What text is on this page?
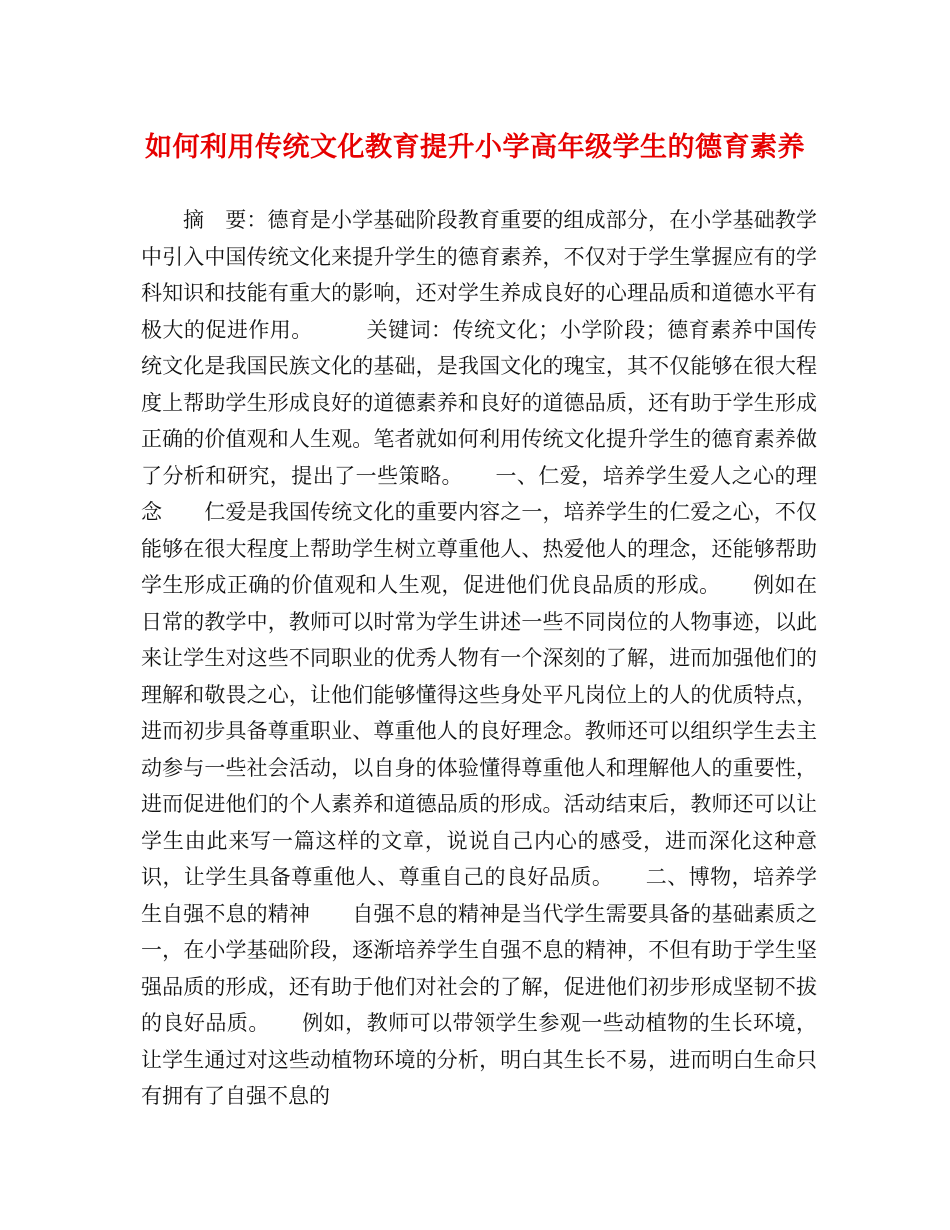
如何利用传统文化教育提升小学高年级学生的德育素养

摘　要：德育是小学基础阶段教育重要的组成部分，在小学基础教学中引入中国传统文化来提升学生的德育素养，不仅对于学生掌握应有的学科知识和技能有重大的影响，还对学生养成良好的心理品质和道德水平有极大的促进作用。　　　	关键词：传统文化；小学阶段；德育素养中国传统文化是我国民族文化的基础，是我国文化的瑰宝，其不仅能够在很大程度上帮助学生形成良好的道德素养和良好的道德品质，还有助于学生形成正确的价值观和人生观。笔者就如何利用传统文化提升学生的德育素养做了分析和研究，提出了一些策略。　　 一、仁爱，培养学生爱人之心的理念　　 仁爱是我国传统文化的重要内容之一，培养学生的仁爱之心，不仅能够在很大程度上帮助学生树立尊重他人、热爱他人的理念，还能够帮助学生形成正确的价值观和人生观，促进他们优良品质的形成。　　 例如在日常的教学中，教师可以时常为学生讲述一些不同岗位的人物事迹，以此来让学生对这些不同职业的优秀人物有一个深刻的了解，进而加强他们的理解和敬畏之心，让他们能够懂得这些身处平凡岗位上的人的优质特点，进而初步具备尊重职业、尊重他人的良好理念。教师还可以组织学生去主动参与一些社会活动，以自身的体验懂得尊重他人和理解他人的重要性，进而促进他们的个人素养和道德品质的形成。活动结束后，教师还可以让学生由此来写一篇这样的文章，说说自己内心的感受，进而深化这种意识，让学生具备尊重他人、尊重自己的良好品质。　　 二、博物，培养学生自强不息的精神　　 自强不息的精神是当代学生需要具备的基础素质之一，在小学基础阶段，逐渐培养学生自强不息的精神，不但有助于学生坚强品质的形成，还有助于他们对社会的了解，促进他们初步形成坚韧不拔的良好品质。　　 例如，教师可以带领学生参观一些动植物的生长环境，让学生通过对这些动植物环境的分析，明白其生长不易，进而明白生命只有拥有了自强不息的
